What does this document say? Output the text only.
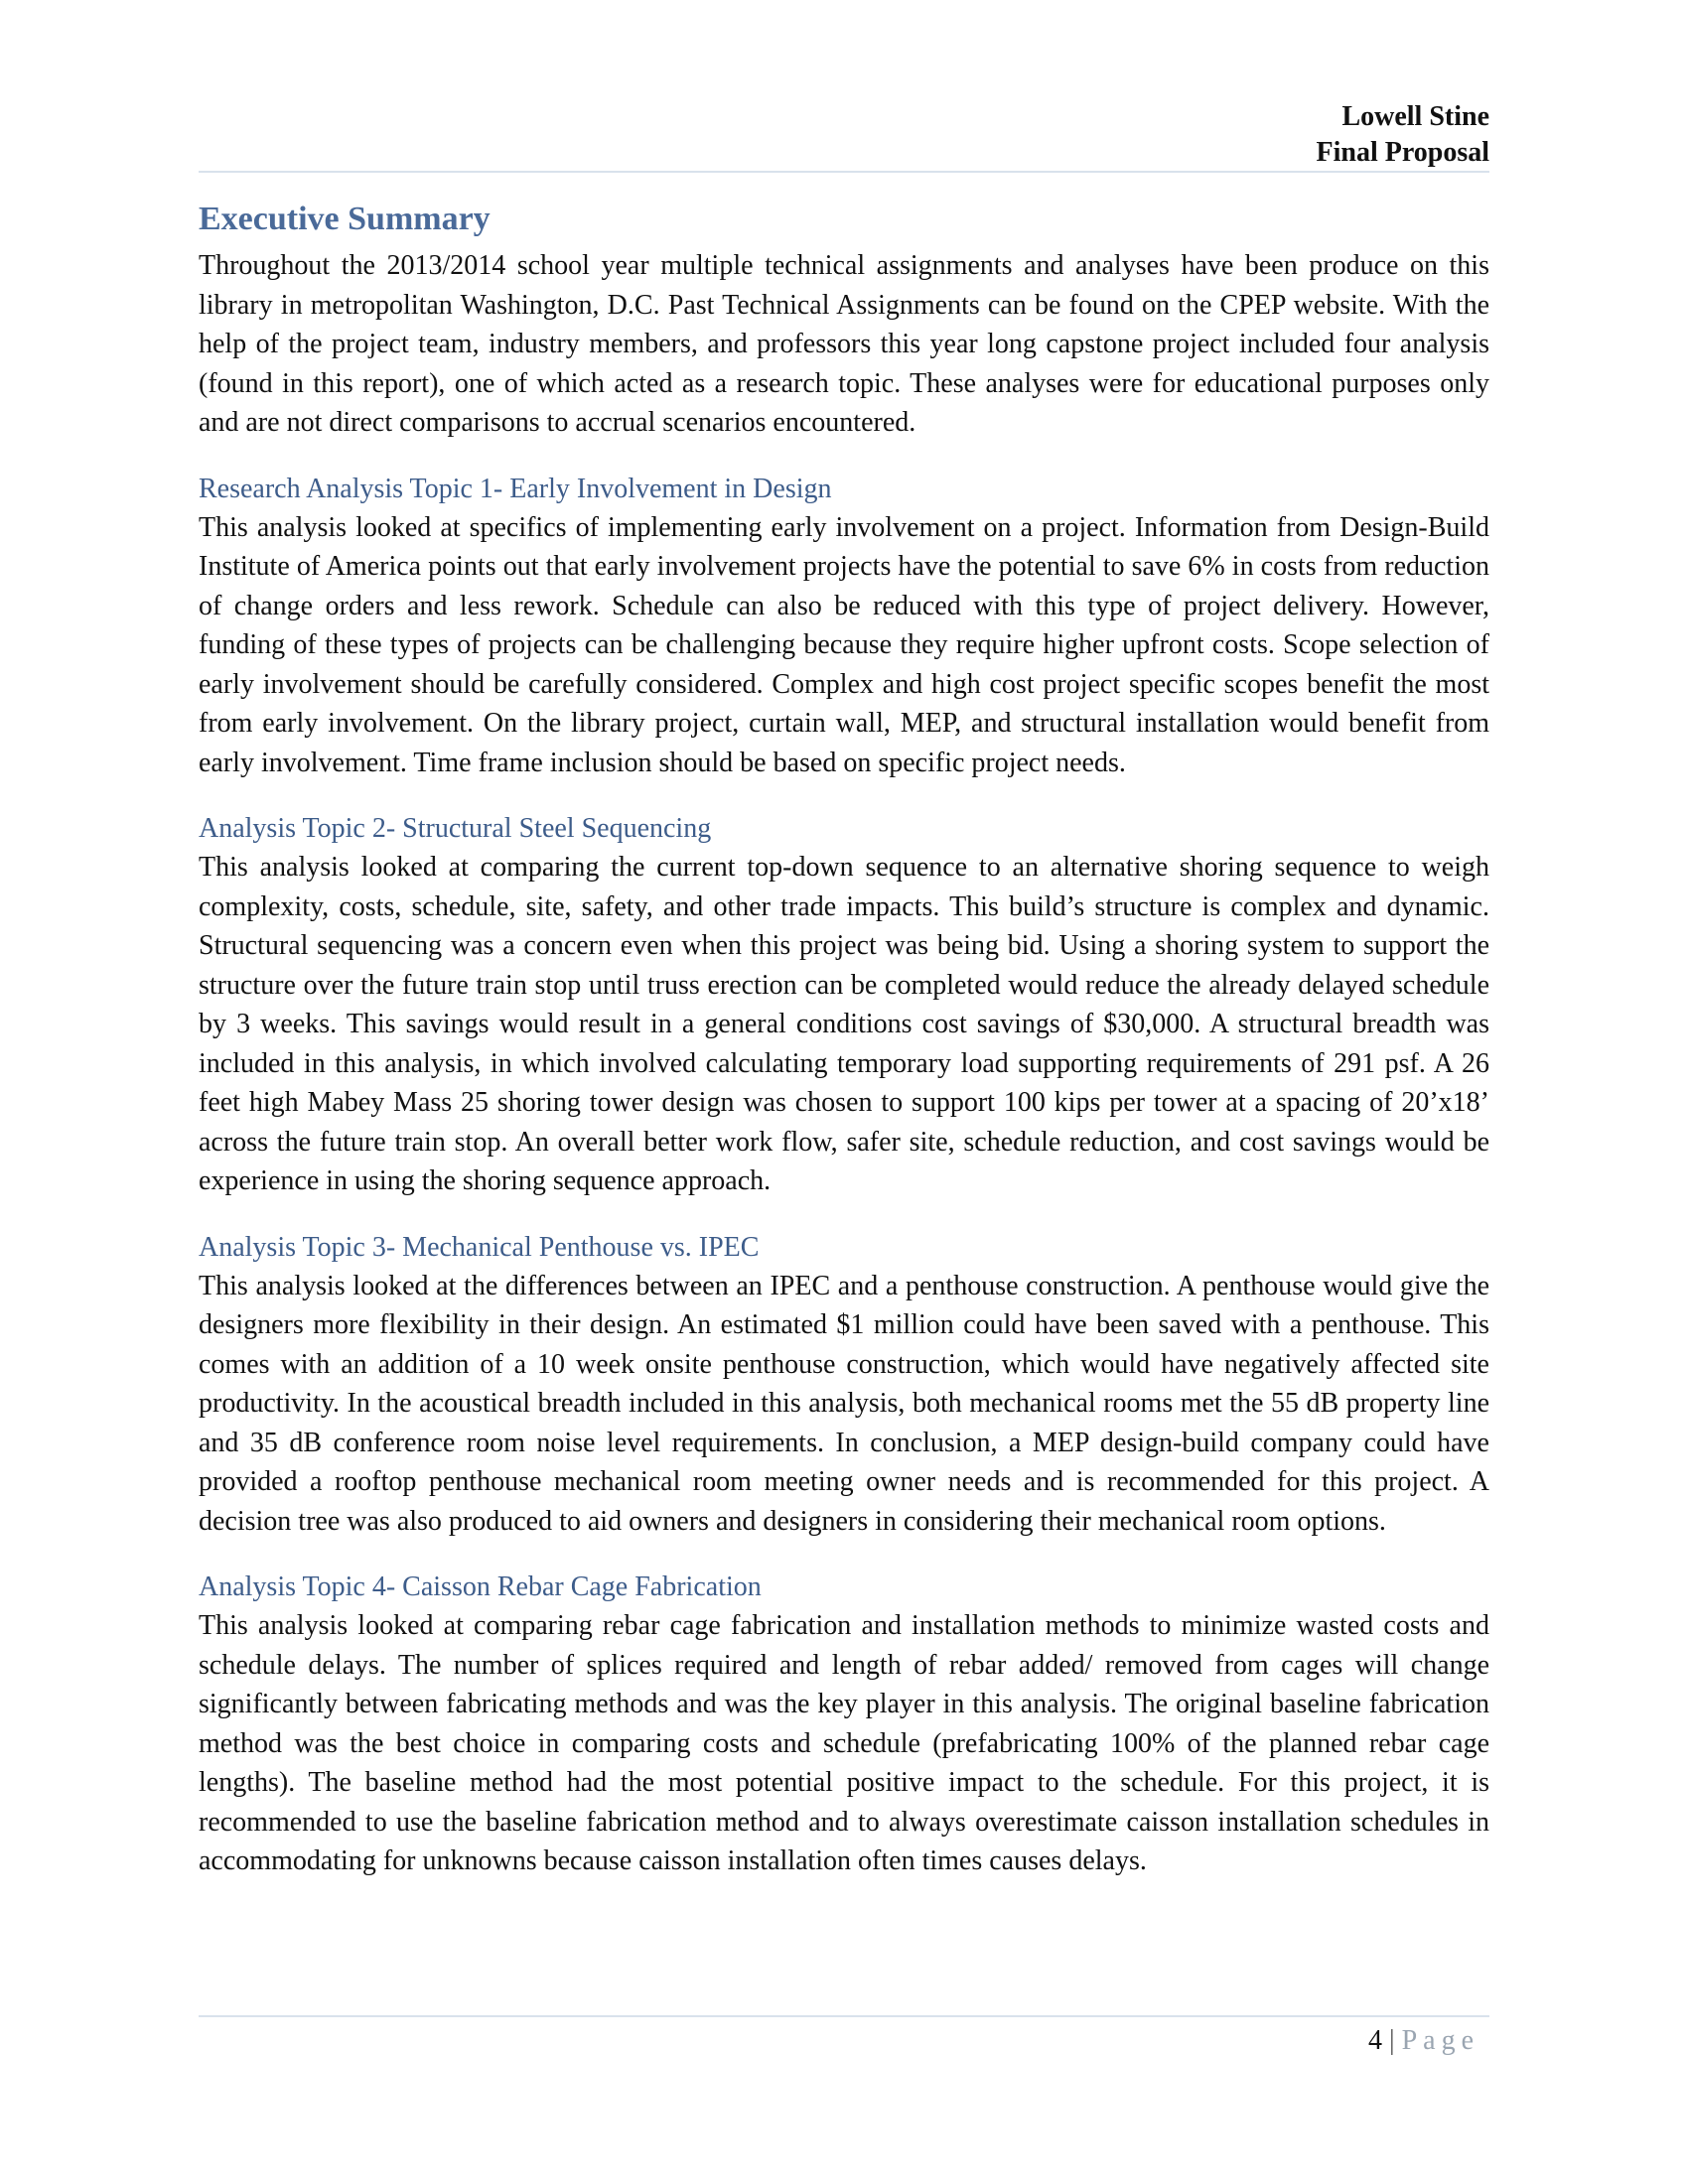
Lowell Stine
Final Proposal
Executive Summary

Throughout the 2013/2014 school year multiple technical assignments and analyses have been produce on this library in metropolitan Washington, D.C. Past Technical Assignments can be found on the CPEP website. With the help of the project team, industry members, and professors this year long capstone project included four analysis (found in this report), one of which acted as a research topic. These analyses were for educational purposes only and are not direct comparisons to accrual scenarios encountered.

Research Analysis Topic 1- Early Involvement in Design

This analysis looked at specifics of implementing early involvement on a project. Information from Design-Build Institute of America points out that early involvement projects have the potential to save 6% in costs from reduction of change orders and less rework. Schedule can also be reduced with this type of project delivery. However, funding of these types of projects can be challenging because they require higher upfront costs. Scope selection of early involvement should be carefully considered. Complex and high cost project specific scopes benefit the most from early involvement. On the library project, curtain wall, MEP, and structural installation would benefit from early involvement. Time frame inclusion should be based on specific project needs.

Analysis Topic 2- Structural Steel Sequencing

This analysis looked at comparing the current top-down sequence to an alternative shoring sequence to weigh complexity, costs, schedule, site, safety, and other trade impacts. This build’s structure is complex and dynamic. Structural sequencing was a concern even when this project was being bid. Using a shoring system to support the structure over the future train stop until truss erection can be completed would reduce the already delayed schedule by 3 weeks. This savings would result in a general conditions cost savings of $30,000. A structural breadth was included in this analysis, in which involved calculating temporary load supporting requirements of 291 psf. A 26 feet high Mabey Mass 25 shoring tower design was chosen to support 100 kips per tower at a spacing of 20’x18’ across the future train stop. An overall better work flow, safer site, schedule reduction, and cost savings would be experience in using the shoring sequence approach.

Analysis Topic 3- Mechanical Penthouse vs. IPEC

This analysis looked at the differences between an IPEC and a penthouse construction. A penthouse would give the designers more flexibility in their design. An estimated $1 million could have been saved with a penthouse. This comes with an addition of a 10 week onsite penthouse construction, which would have negatively affected site productivity. In the acoustical breadth included in this analysis, both mechanical rooms met the 55 dB property line and 35 dB conference room noise level requirements. In conclusion, a MEP design-build company could have provided a rooftop penthouse mechanical room meeting owner needs and is recommended for this project. A decision tree was also produced to aid owners and designers in considering their mechanical room options.

Analysis Topic 4- Caisson Rebar Cage Fabrication

This analysis looked at comparing rebar cage fabrication and installation methods to minimize wasted costs and schedule delays. The number of splices required and length of rebar added/ removed from cages will change significantly between fabricating methods and was the key player in this analysis. The original baseline fabrication method was the best choice in comparing costs and schedule (prefabricating 100% of the planned rebar cage lengths). The baseline method had the most potential positive impact to the schedule. For this project, it is recommended to use the baseline fabrication method and to always overestimate caisson installation schedules in accommodating for unknowns because caisson installation often times causes delays.

4 | Page
